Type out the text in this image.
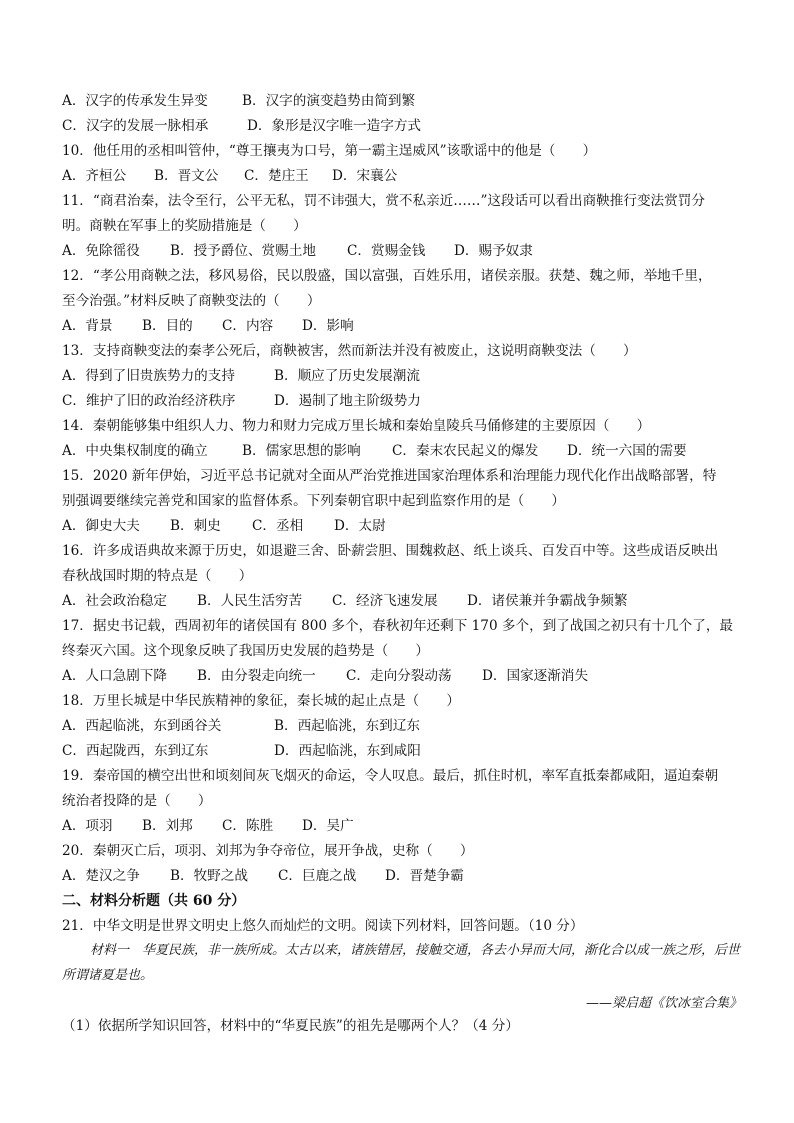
A．汉字的传承发生异变	B．汉字的演变趋势由简到繁
C．汉字的发展一脉相承	D．象形是汉字唯一造字方式
10．他任用的丞相叫管仲，“尊王攘夷为口号，第一霸主逞威风”该歌谣中的他是（　　）
A．齐桓公 B．晋文公 C．楚庄王 D．宋襄公
11．“商君治秦，法令至行，公平无私，罚不讳强大，赏不私亲近……”这段话可以看出商鞅推行变法赏罚分
明。商鞅在军事上的奖励措施是（　　）
A．免除徭役 B．授予爵位、赏赐土地 C．赏赐金钱 D．赐予奴隶
12．“孝公用商鞅之法，移风易俗，民以殷盛，国以富强，百姓乐用，诸侯亲服。获楚、魏之师，举地千里，
至今治强。”材料反映了商鞅变法的（　　）
A．背景 B．目的 C．内容 D．影响
13．支持商鞅变法的秦孝公死后，商鞅被害，然而新法并没有被废止，这说明商鞅变法（　　）
A．得到了旧贵族势力的支持	B．顺应了历史发展潮流
C．维护了旧的政治经济秩序	D．遏制了地主阶级势力
14．秦朝能够集中组织人力、物力和财力完成万里长城和秦始皇陵兵马俑修建的主要原因（　　）
A．中央集权制度的确立	B．儒家思想的影响 C．秦末农民起义的爆发 D．统一六国的需要
15．2020 新年伊始，习近平总书记就对全面从严治党推进国家治理体系和治理能力现代化作出战略部署，特
别强调要继续完善党和国家的监督体系。下列秦朝官职中起到监察作用的是（　　）
A．御史大夫 B．刺史 C．丞相 D．太尉
16．许多成语典故来源于历史，如退避三舍、卧薪尝胆、围魏救赵、纸上谈兵、百发百中等。这些成语反映出
春秋战国时期的特点是（　　）
A．社会政治稳定 B．人民生活穷苦 C．经济飞速发展 D．诸侯兼并争霸战争频繁
17．据史书记载，西周初年的诸侯国有 800 多个，春秋初年还剩下 170 多个，到了战国之初只有十几个了，最
终秦灭六国。这个现象反映了我国历史发展的趋势是（　　）
A．人口急剧下降 B．由分裂走向统一 C．走向分裂动荡 D．国家逐渐消失
18．万里长城是中华民族精神的象征，秦长城的起止点是（　　）
A．西起临洮，东到函谷关	B．西起临洮，东到辽东
C．西起陇西，东到辽东	D．西起临洮，东到咸阳
19．秦帝国的横空出世和顷刻间灰飞烟灭的命运，令人叹息。最后，抓住时机，率军直抵秦都咸阳，逼迫秦朝
统治者投降的是（　　）
A．项羽 B．刘邦 C．陈胜 D．吴广
20．秦朝灭亡后，项羽、刘邦为争夺帝位，展开争战，史称（　　）
A．楚汉之争 B．牧野之战 C．巨鹿之战 D．晋楚争霸
二、材料分析题（共 60 分）
21．中华文明是世界文明史上悠久而灿烂的文明。阅读下列材料，回答问题。（10 分）
材料一　华夏民族，非一族所成。太古以来，诸族错居，接触交通，各去小异而大同，渐化合以成一族之形，后世所谓诸夏是也。
——梁启超《饮冰室合集》
（1）依据所学知识回答，材料中的“华夏民族”的祖先是哪两个人？（4 分）
